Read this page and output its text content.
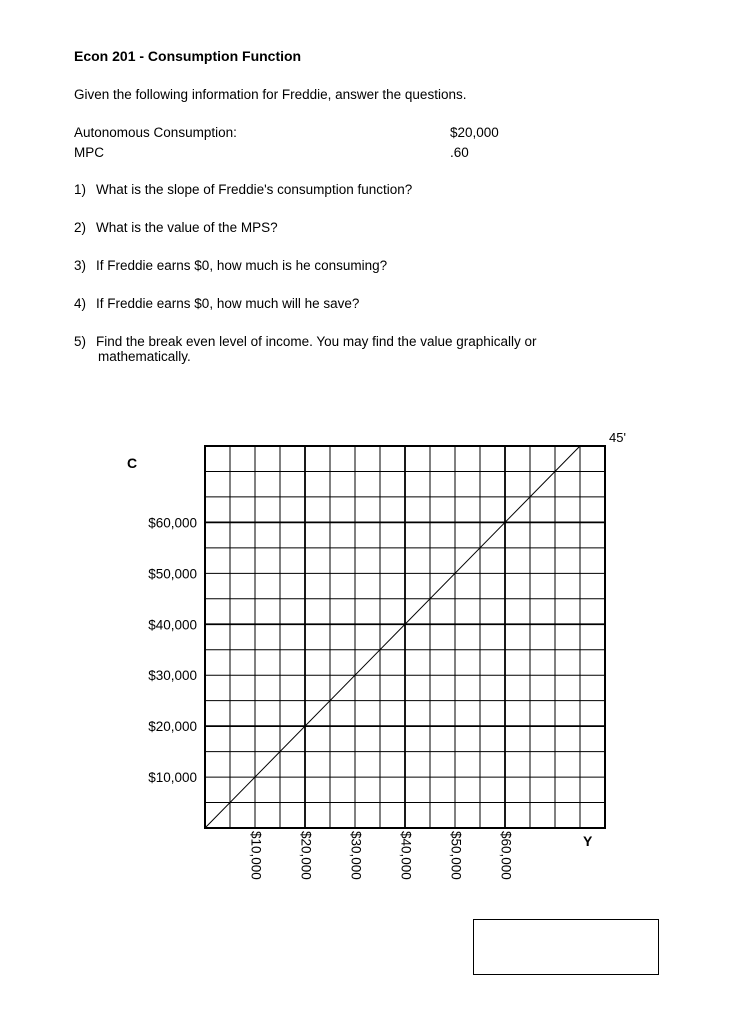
Econ 201 - Consumption Function
Given the following information for Freddie, answer the questions.
Autonomous Consumption:	$20,000
MPC	.60
1) What is the slope of Freddie's consumption function?
2) What is the value of the MPS?
3) If Freddie earns $0, how much is he consuming?
4) If Freddie earns $0, how much will he save?
5) Find the break even level of income. You may find the value graphically or
mathematically.
45'
$10,000
$20,000
$30,000
$40,000
$50,000
$60,000
$10,000	$20,000	$30,000	$40,000	$50,000	$60,000
C
Y
